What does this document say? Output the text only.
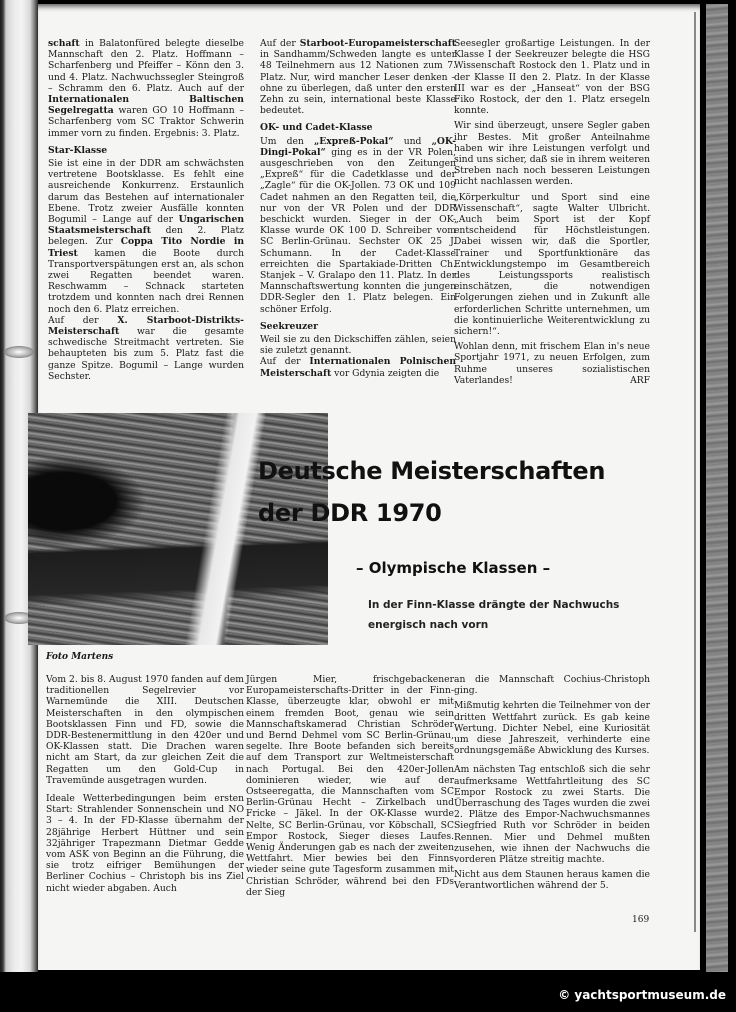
schaft in Balatonfüred belegte dieselbe Mannschaft den 2. Platz. Hoffmann – Scharfenberg und Pfeiffer – Könn den 3. und 4. Platz. Nachwuchssegler Steingroß – Schramm den 6. Platz. Auch auf der Internationalen Baltischen Segelregatta waren GO 10 Hoffmann – Scharfenberg vom SC Traktor Schwerin immer vorn zu finden. Ergebnis: 3. Platz.

Star-Klasse

Sie ist eine in der DDR am schwächsten vertretene Bootsklasse. Es fehlt eine ausreichende Konkurrenz. Erstaunlich darum das Bestehen auf internationaler Ebene. Trotz zweier Ausfälle konnten Bogumil – Lange auf der Ungarischen Staatsmeisterschaft den 2. Platz belegen. Zur Coppa Tito Nordie in Triest kamen die Boote durch Transportverspätungen erst an, als schon zwei Regatten beendet waren. Reschwamm – Schnack starteten trotzdem und konnten nach drei Rennen noch den 6. Platz erreichen.

Auf der X. Starboot-Distrikts-Meisterschaft war die gesamte schwedische Streitmacht vertreten. Sie behaupteten bis zum 5. Platz fast die ganze Spitze. Bogumil – Lange wurden Sechster.

Auf der Starboot-Europameisterschaft in Sandhamm/Schweden langte es unter 48 Teilnehmern aus 12 Nationen zum 7. Platz. Nur, wird mancher Leser denken – ohne zu überlegen, daß unter den ersten Zehn zu sein, international beste Klasse bedeutet.

OK- und Cadet-Klasse

Um den „Expreß-Pokal“ und „OK-Dingi-Pokal“ ging es in der VR Polen, ausgeschrieben von den Zeitungen „Expreß“ für die Cadetklasse und der „Zagle“ für die OK-Jollen. 73 OK und 109 Cadet nahmen an den Regatten teil, die nur von der VR Polen und der DDR beschickt wurden. Sieger in der OK-Klasse wurde OK 100 D. Schreiber vom SC Berlin-Grünau. Sechster OK 25 J. Schumann. In der Cadet-Klasse erreichten die Spartakiade-Dritten Ch. Stanjek – V. Gralapo den 11. Platz. In der Mannschaftswertung konnten die jungen DDR-Segler den 1. Platz belegen. Ein schöner Erfolg.

Seekreuzer

Weil sie zu den Dickschiffen zählen, seien sie zuletzt genannt.

Auf der Internationalen Polnischen Meisterschaft vor Gdynia zeigten die

Seesegler großartige Leistungen. In der Klasse I der Seekreuzer belegte die HSG Wissenschaft Rostock den 1. Platz und in der Klasse II den 2. Platz. In der Klasse III war es der „Hanseat“ von der BSG Fiko Rostock, der den 1. Platz ersegeln konnte.

Wir sind überzeugt, unsere Segler gaben ihr Bestes. Mit großer Anteilnahme haben wir ihre Leistungen verfolgt und sind uns sicher, daß sie in ihrem weiteren Streben nach noch besseren Leistungen nicht nachlassen werden.

„Körperkultur und Sport sind eine Wissenschaft“, sagte Walter Ulbricht. „Auch beim Sport ist der Kopf entscheidend für Höchstleistungen. Dabei wissen wir, daß die Sportler, Trainer und Sportfunktionäre das Entwicklungstempo im Gesamtbereich des Leistungssports realistisch einschätzen, die notwendigen Folgerungen ziehen und in Zukunft alle erforderlichen Schritte unternehmen, um die kontinuierliche Weiterentwicklung zu sichern!“.

Wohlan denn, mit frischem Elan in's neue Sportjahr 1971, zu neuen Erfolgen, zum Ruhme unseres sozialistischen Vaterlandes!	ARF

Foto Martens
Deutsche Meisterschaften
der DDR 1970
– Olympische Klassen –
In der Finn-Klasse drängte der Nachwuchs energisch nach vorn

Vom 2. bis 8. August 1970 fanden auf dem traditionellen Segelrevier vor Warnemünde die XIII. Deutschen Meisterschaften in den olympischen Bootsklassen Finn und FD, sowie die DDR-Bestenermittlung in den 420er und OK-Klassen statt. Die Drachen waren nicht am Start, da zur gleichen Zeit die Regatten um den Gold-Cup in Travemünde ausgetragen wurden.

Ideale Wetterbedingungen beim ersten Start: Strahlender Sonnenschein und NO 3 – 4. In der FD-Klasse übernahm der 28jährige Herbert Hüttner und sein 32jähriger Trapezmann Dietmar Gedde vom ASK von Beginn an die Führung, die sie trotz eifriger Bemühungen der Berliner Cochius – Christoph bis ins Ziel nicht wieder abgaben. Auch

Jürgen Mier, frischgebackener Europameisterschafts-Dritter in der Finn-Klasse, überzeugte klar, obwohl er mit einem fremden Boot, genau wie sein Mannschaftskamerad Christian Schröder und Bernd Dehmel vom SC Berlin-Grünau, segelte. Ihre Boote befanden sich bereits auf dem Transport zur Weltmeisterschaft nach Portugal. Bei den 420er-Jollen dominieren wieder, wie auf der Ostseeregatta, die Mannschaften vom SC Berlin-Grünau Hecht – Zirkelbach und Fricke – Jäkel. In der OK-Klasse wurde Nelte, SC Berlin-Grünau, vor Köbschall, SC Empor Rostock, Sieger dieses Laufes. Wenig Änderungen gab es nach der zweiten Wettfahrt. Mier bewies bei den Finns wieder seine gute Tagesform zusammen mit Christian Schröder, während bei den FDs der Sieg

an die Mannschaft Cochius-Christoph ging.

Mißmutig kehrten die Teilnehmer von der dritten Wettfahrt zurück. Es gab keine Wertung. Dichter Nebel, eine Kuriosität um diese Jahreszeit, verhinderte eine ordnungsgemäße Abwicklung des Kurses.

Am nächsten Tag entschloß sich die sehr aufmerksame Wettfahrtleitung des SC Empor Rostock zu zwei Starts. Die Überraschung des Tages wurden die zwei 2. Plätze des Empor-Nachwuchsmannes Siegfried Ruth vor Schröder in beiden Rennen. Mier und Dehmel mußten zusehen, wie ihnen der Nachwuchs die vorderen Plätze streitig machte.

Nicht aus dem Staunen heraus kamen die Verantwortlichen während der 5.

169
© yachtsportmuseum.de
